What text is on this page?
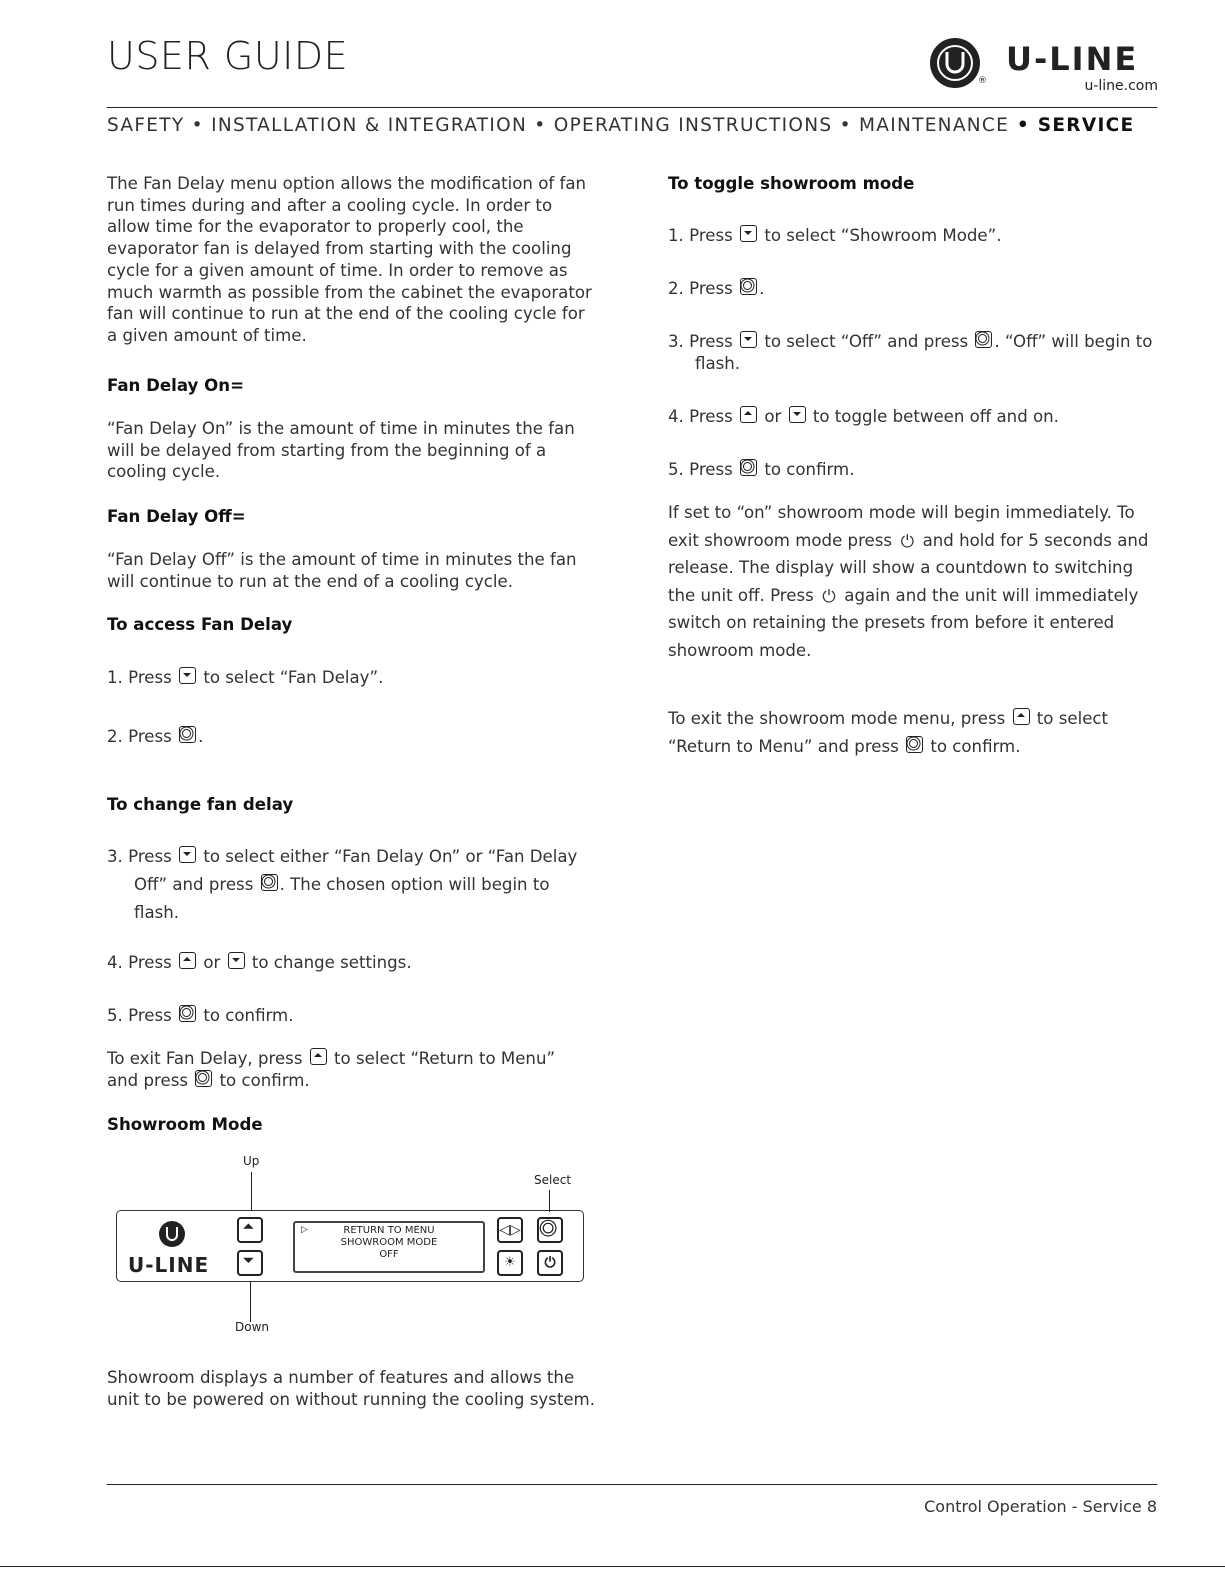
USER GUIDE
®
U-LINE
u-line.com
SAFETY • INSTALLATION & INTEGRATION • OPERATING INSTRUCTIONS • MAINTENANCE • SERVICE

The Fan Delay menu option allows the modification of fan run times during and after a cooling cycle. In order to allow time for the evaporator to properly cool, the evaporator fan is delayed from starting with the cooling cycle for a given amount of time. In order to remove as much warmth as possible from the cabinet the evaporator fan will continue to run at the end of the cooling cycle for a given amount of time.

Fan Delay On=

“Fan Delay On” is the amount of time in minutes the fan will be delayed from starting from the beginning of a cooling cycle.

Fan Delay Off=

“Fan Delay Off” is the amount of time in minutes the fan will continue to run at the end of a cooling cycle.

To access Fan Delay

1. Press  to select “Fan Delay”.

2. Press .

To change fan delay

3. Press  to select either “Fan Delay On” or “Fan Delay Off” and press . The chosen option will begin to flash.

4. Press  or  to change settings.

5. Press  to confirm.

To exit Fan Delay, press  to select “Return to Menu” and press  to confirm.

Showroom Mode

Up
Select
U-LINE
▷	RETURN TO MENU
SHOWROOM MODE
OFF
◁▷
☀	⏻
Down

Showroom displays a number of features and allows the unit to be powered on without running the cooling system.

To toggle showroom mode

1. Press  to select “Showroom Mode”.

2. Press .

3. Press  to select “Off” and press . “Off” will begin to flash.

4. Press  or  to toggle between off and on.

5. Press  to confirm.

If set to “on” showroom mode will begin immediately. To exit showroom mode press ⏻ and hold for 5 seconds and release. The display will show a countdown to switching the unit off. Press ⏻ again and the unit will immediately switch on retaining the presets from before it entered showroom mode.

To exit the showroom mode menu, press  to select “Return to Menu” and press  to confirm.

Control Operation - Service 8
